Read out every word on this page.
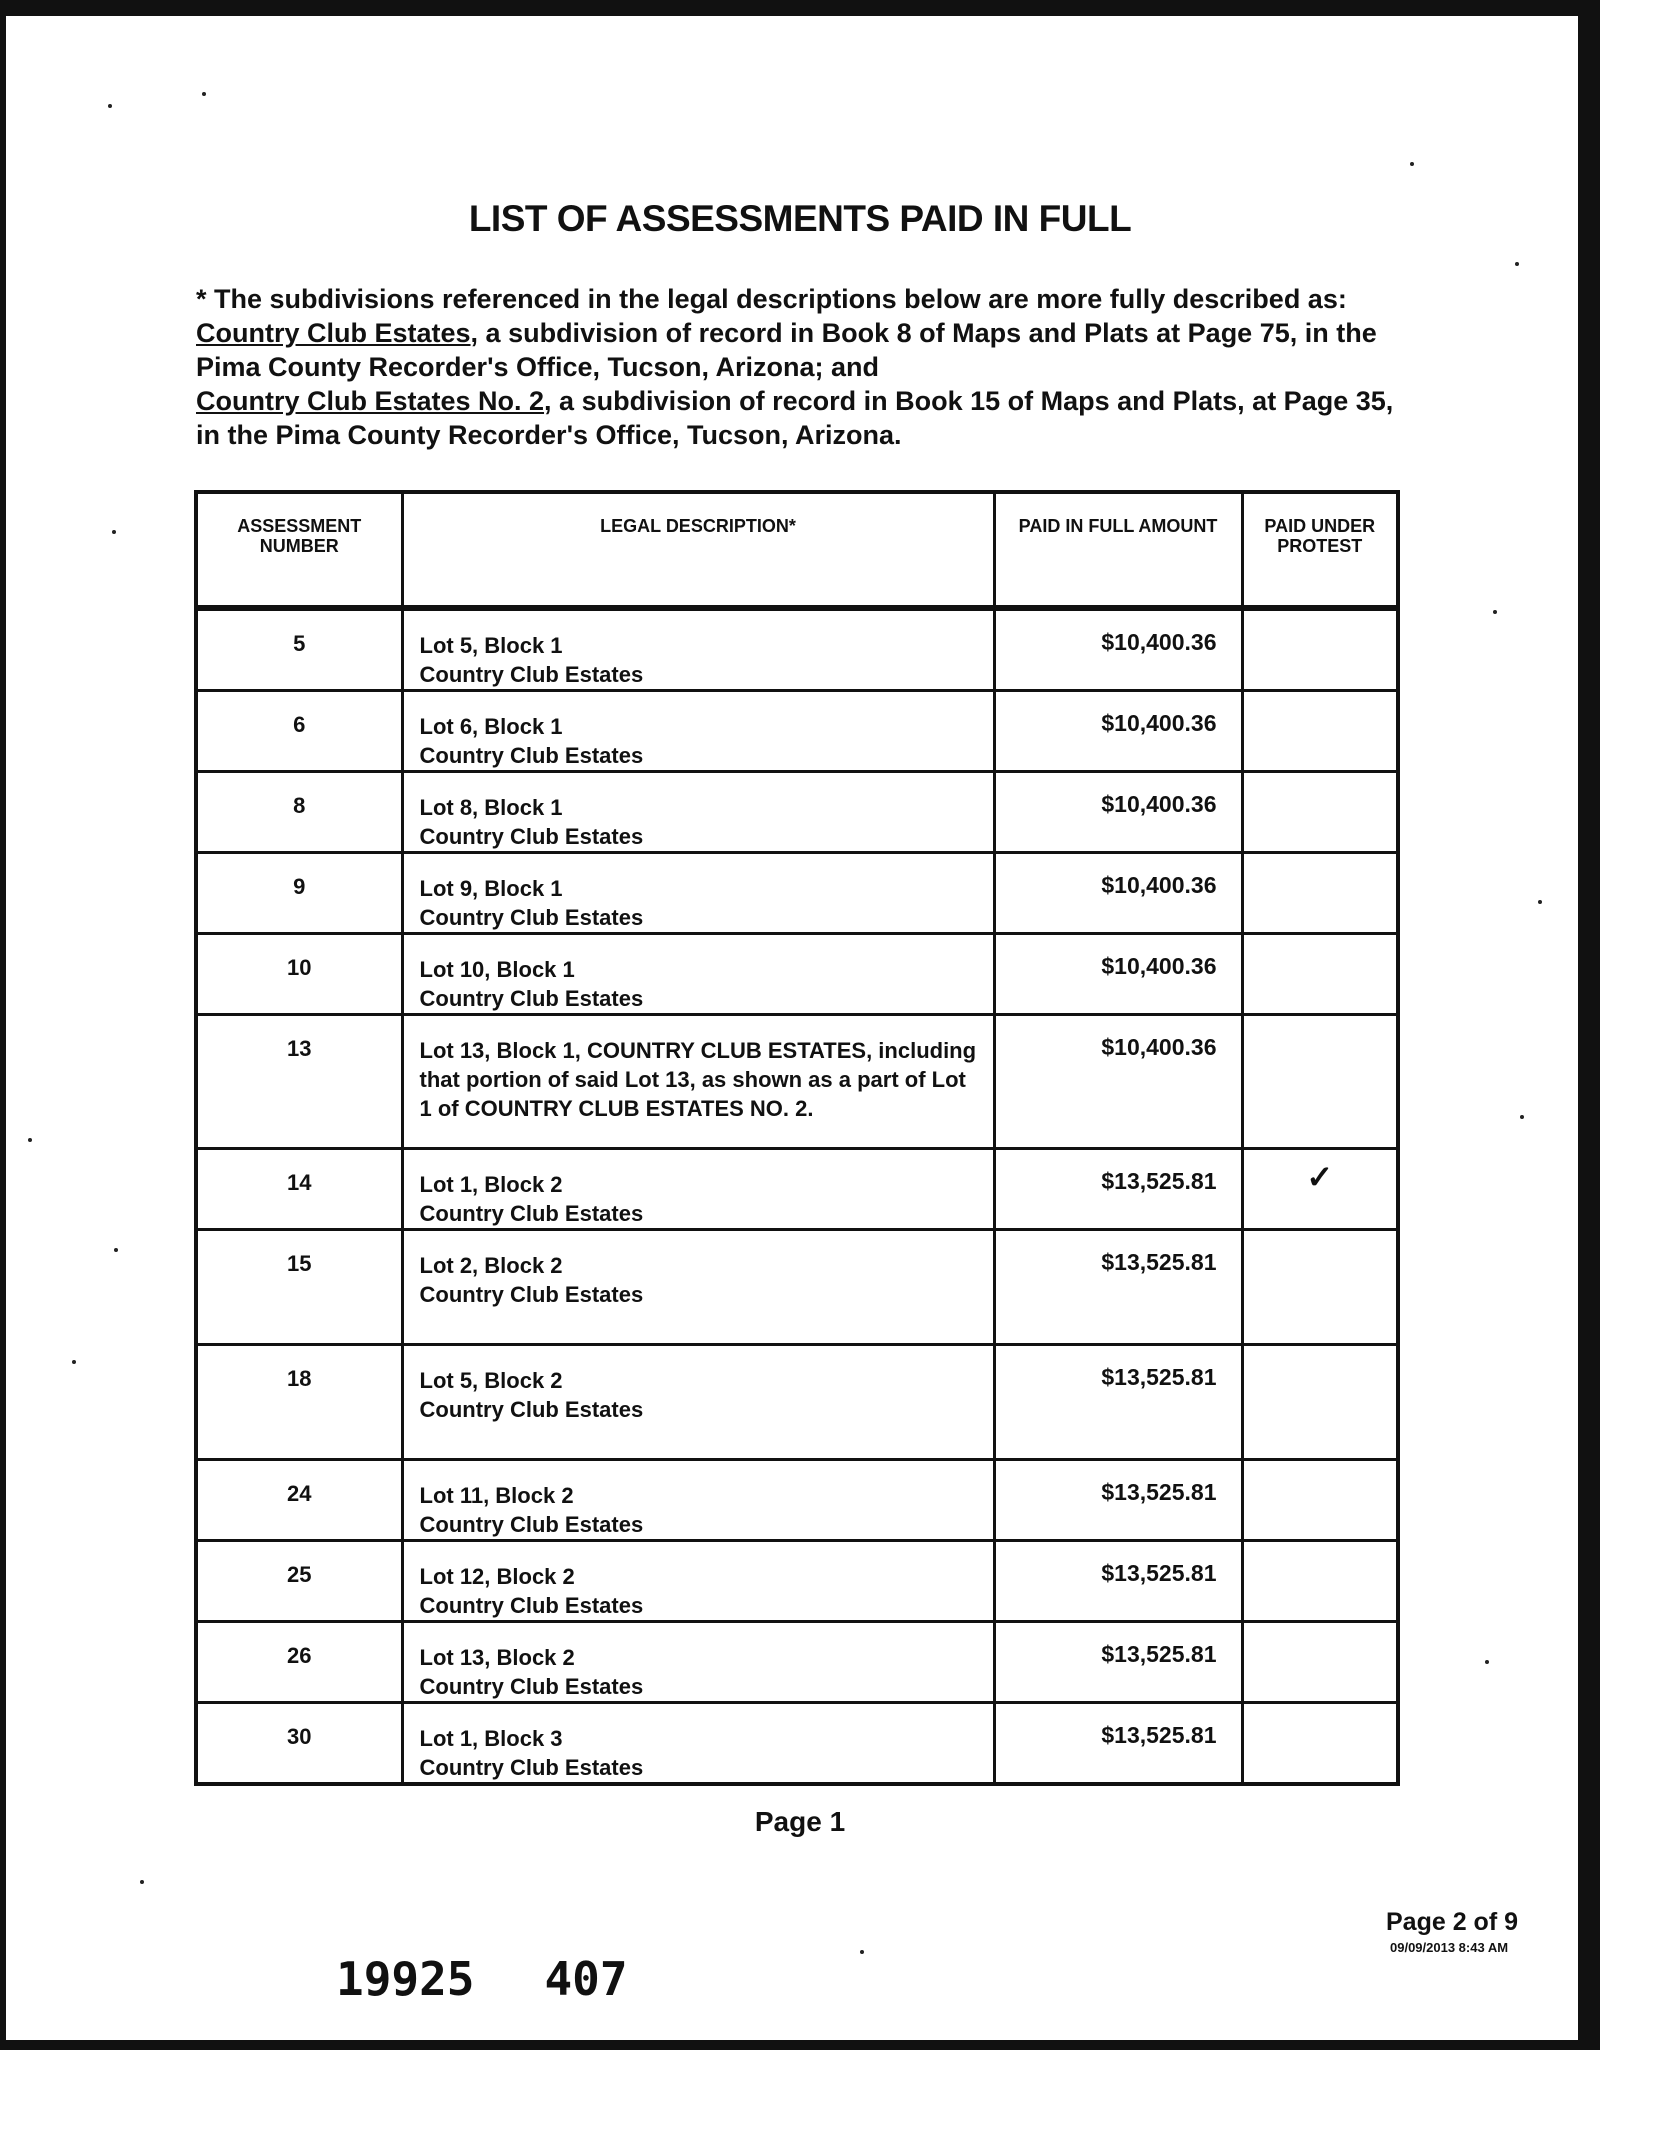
LIST OF ASSESSMENTS PAID IN FULL

* The subdivisions referenced in the legal descriptions below are more fully described as:

Country Club Estates, a subdivision of record in Book 8 of Maps and Plats at Page 75, in the Pima County Recorder's Office, Tucson, Arizona; and

Country Club Estates No. 2, a subdivision of record in Book 15 of Maps and Plats, at Page 35, in the Pima County Recorder's Office, Tucson, Arizona.

ASSESSMENT NUMBER	LEGAL DESCRIPTION*	PAID IN FULL AMOUNT	PAID UNDER PROTEST
5	Lot 5, Block 1
Country Club Estates	$10,400.36	
6	Lot 6, Block 1
Country Club Estates	$10,400.36	
8	Lot 8, Block 1
Country Club Estates	$10,400.36	
9	Lot 9, Block 1
Country Club Estates	$10,400.36	
10	Lot 10, Block 1
Country Club Estates	$10,400.36	
13	Lot 13, Block 1, COUNTRY CLUB ESTATES, including that portion of said Lot 13, as shown as a part of Lot 1 of COUNTRY CLUB ESTATES NO. 2.	$10,400.36	
14	Lot 1, Block 2
Country Club Estates	$13,525.81	✓
15	Lot 2, Block 2
Country Club Estates	$13,525.81	
18	Lot 5, Block 2
Country Club Estates	$13,525.81	
24	Lot 11, Block 2
Country Club Estates	$13,525.81	
25	Lot 12, Block 2
Country Club Estates	$13,525.81	
26	Lot 13, Block 2
Country Club Estates	$13,525.81	
30	Lot 1, Block 3
Country Club Estates	$13,525.81	
Page 1
Page 2 of 9
09/09/2013 8:43 AM
19925 407
